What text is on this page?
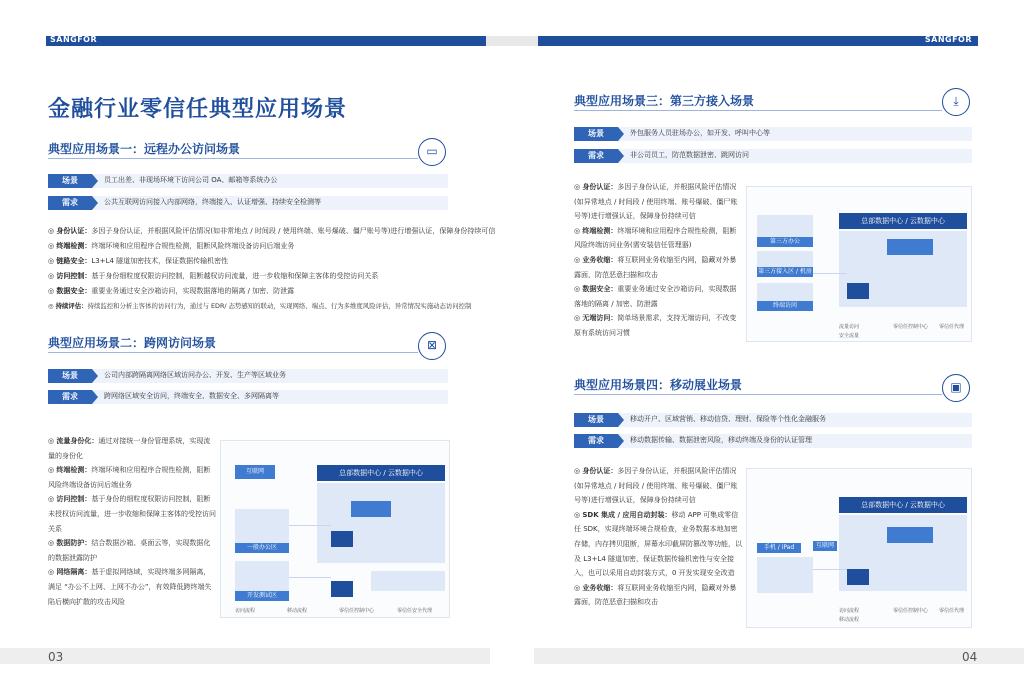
SANGFOR	SANGFOR
03	04
金融行业零信任典型应用场景
典型应用场景一：远程办公访问场景	▭
场景	员工出差、非现场环境下访问公司 OA、邮箱等系统办公
需求	公共互联网访问接入内部网络，终端接入、认证增强、持续安全检测等
◎ 身份认证：多因子身份认证，并根据风险评估情况(如非常地点 / 时间段 / 使用终端、账号爆破、僵尸账号等)进行增强认证，保障身份持续可信
◎ 终端检测：终端环境和应用程序合规性检测，阻断风险终端设备访问后端业务
◎ 链路安全：L3+L4 隧道加密技术，保证数据传输机密性
◎ 访问控制：基于身份细粒度权限访问控制，阻断越权访问流量，进一步收缩和保障主客体的受控访问关系
◎ 数据安全：重要业务通过安全沙箱访问，实现数据落地的隔离 / 加密、防泄露
◎ 持续评估：持续监控和分析主客体的访问行为，通过与 EDR/ 态势感知的联动，实现网络、端点、行为多维度风险评估，异常情况实施动态访问控制
典型应用场景二：跨网访问场景	⊠
场景	公司内部跨隔离网络区域访问办公、开发、生产等区域业务
需求	跨网络区域安全访问，终端安全、数据安全、多网隔离等
◎ 流量身份化：通过对接统一身份管理系统，实现流量的身份化
◎ 终端检测：终端环境和应用程序合规性检测，阻断风险终端设备访问后端业务
◎ 访问控制：基于身份的细粒度权限访问控制，阻断未授权访问流量，进一步收缩和保障主客体的受控访问关系
◎ 数据防护：结合数据沙箱、桌面云等，实现数据化的数据泄露防护
◎ 网络隔离：基于虚拟网络域，实现终端多网隔离，满足 “办公不上网、上网不办公”，有效降低跨终端失陷后横向扩散的攻击风险
总部数据中心 / 云数据中心
互联网
一般办公区
开发测试区
访问流程	移动流程	零信任控制中心	零信任安全代理
典型应用场景三：第三方接入场景	⤓
场景	外包服务人员驻场办公，如开发、呼叫中心等
需求	非公司员工，防范数据泄密、跳网访问
◎ 身份认证：多因子身份认证，并根据风险评估情况(如异常地点 / 时间段 / 使用终端、账号爆破、僵尸账号等)进行增强认证，保障身份持续可信
◎ 终端检测：终端环境和应用程序合规性检测，阻断风险终端访问业务(需安装信任管理器)
◎ 业务收缩：将互联网业务收缩至内网，隐藏对外暴露面，防范恶意扫描和攻击
◎ 数据安全：重要业务通过安全沙箱访问，实现数据落地的隔离 / 加密、防泄露
◎ 无端访问：简单场景需求，支持无端访问，不改变原有系统访问习惯
总部数据中心 / 云数据中心
第三方办公
第三方接入区 / 机房
终端访问
流量访问
安全流量
零信任控制中心 零信任代理
典型应用场景四：移动展业场景	▣
场景	移动开户、区域营销、移动信贷、理财、保险等个性化金融服务
需求	移动数据传输、数据泄密风险，移动终端及身份的认证管理
◎ 身份认证：多因子身份认证，并根据风险评估情况(如异常地点 / 时间段 / 使用终端、账号爆破、僵尸账号等)进行增强认证，保障身份持续可信
◎ SDK 集成 / 应用自动封装：移动 APP 可集成零信任 SDK，实现终端环境合规检查，业务数据本地加密存储，内存拷贝阻断，屏幕水印截屏防篡改等功能，以及 L3+L4 隧道加密，保证数据传输机密性与安全接入，也可以采用自动封装方式，0 开发实现安全改造
◎ 业务收缩：将互联网业务收缩至内网，隐藏对外暴露面，防范恶意扫描和攻击
总部数据中心 / 云数据中心
互联网
手机 / iPad
访问流程
移动流程
零信任控制中心 零信任代理
